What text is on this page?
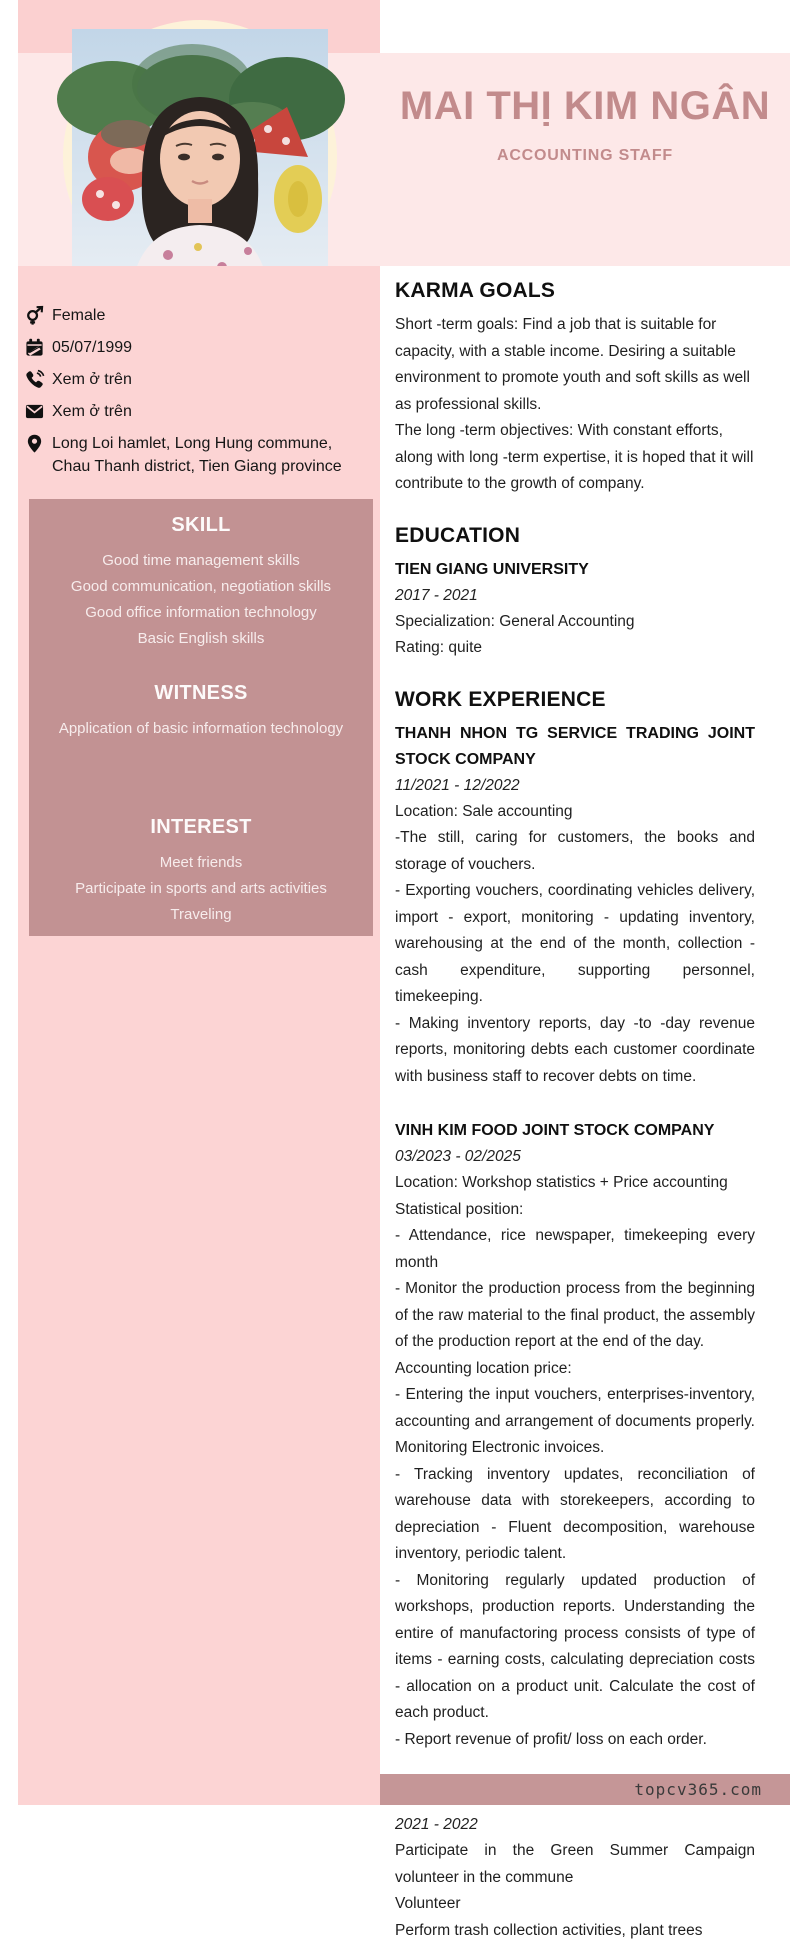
MAI THỊ KIM NGÂN
ACCOUNTING STAFF
Female
05/07/1999
Xem ở trên
Xem ở trên
Long Loi hamlet, Long Hung commune, Chau Thanh district, Tien Giang province
SKILL
Good time management skills
Good communication, negotiation skills
Good office information technology
Basic English skills
WITNESS
Application of basic information technology
INTEREST
Meet friends
Participate in sports and arts activities
Traveling
KARMA GOALS

Short -term goals: Find a job that is suitable for capacity, with a stable income. Desiring a suitable environment to promote youth and soft skills as well as professional skills.

The long -term objectives: With constant efforts, along with long -term expertise, it is hoped that it will contribute to the growth of company.

EDUCATION
TIEN GIANG UNIVERSITY
2017 - 2021

Specialization: General Accounting

Rating: quite

WORK EXPERIENCE
THANH NHON TG SERVICE TRADING JOINT STOCK COMPANY
11/2021 - 12/2022

Location: Sale accounting

-The still, caring for customers, the books and storage of vouchers.

- Exporting vouchers, coordinating vehicles delivery, import - export, monitoring - updating inventory, warehousing at the end of the month, collection - cash expenditure, supporting personnel, timekeeping.

- Making inventory reports, day -to -day revenue reports, monitoring debts each customer coordinate with business staff to recover debts on time.

VINH KIM FOOD JOINT STOCK COMPANY
03/2023 - 02/2025

Location: Workshop statistics + Price accounting

Statistical position:

- Attendance, rice newspaper, timekeeping every month

- Monitor the production process from the beginning of the raw material to the final product, the assembly of the production report at the end of the day.

Accounting location price:

- Entering the input vouchers, enterprises-inventory, accounting and arrangement of documents properly. Monitoring Electronic invoices.

- Tracking inventory updates, reconciliation of warehouse data with storekeepers, according to depreciation - Fluent decomposition, warehouse inventory, periodic talent.

- Monitoring regularly updated production of workshops, production reports. Understanding the entire of manufactoring process consists of type of items - earning costs, calculating depreciation costs - allocation on a product unit. Calculate the cost of each product.

- Report revenue of profit/ loss on each order.

2021 - 2022

Participate in the Green Summer Campaign volunteer in the commune

Volunteer

Perform trash collection activities, plant trees

topcv365.com
